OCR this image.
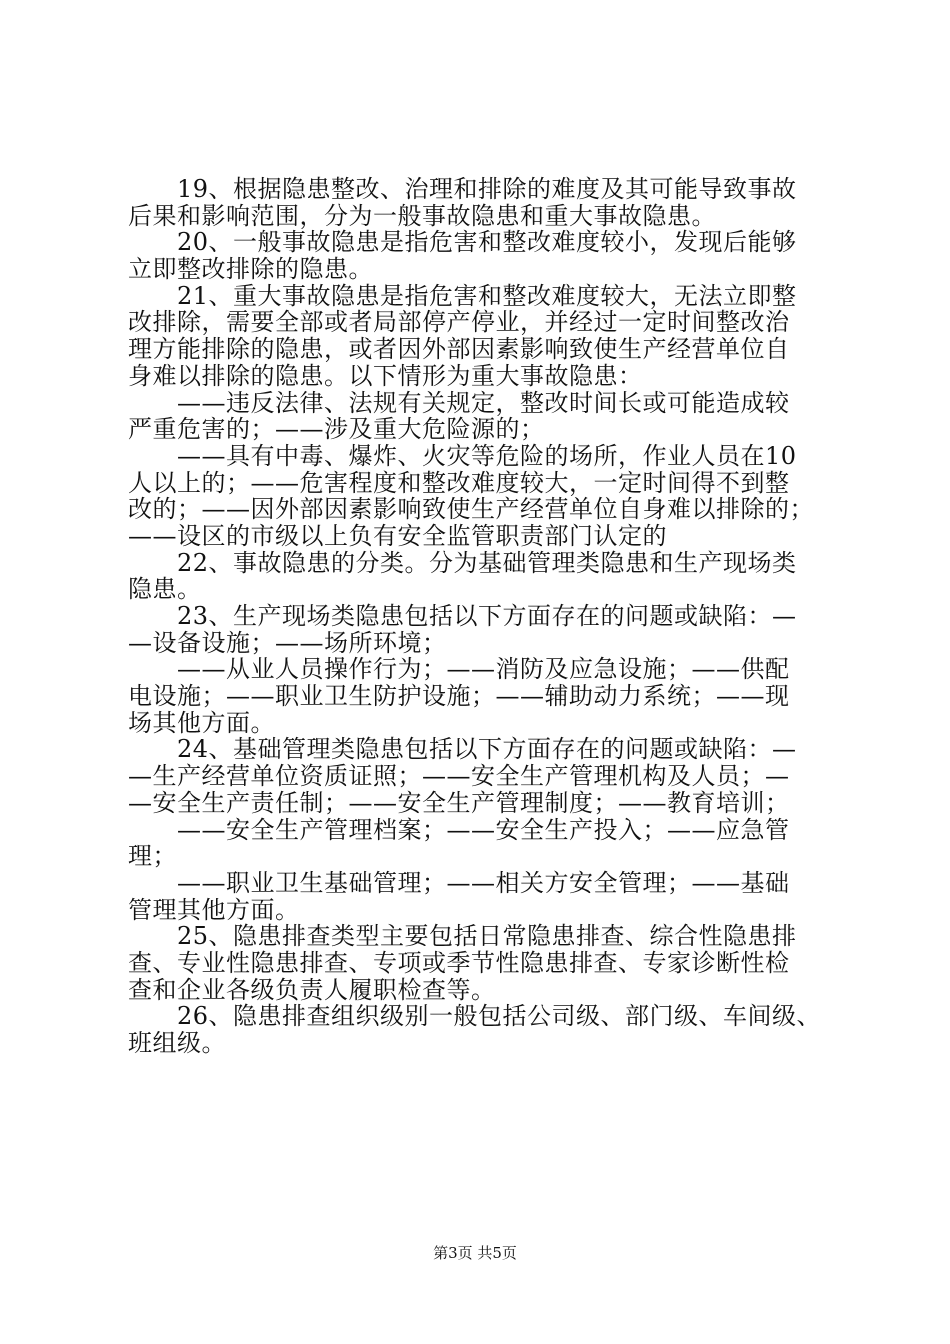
　　19、根据隐患整改、治理和排除的难度及其可能导致事故
后果和影响范围，分为一般事故隐患和重大事故隐患。
　　20、一般事故隐患是指危害和整改难度较小，发现后能够
立即整改排除的隐患。
　　21、重大事故隐患是指危害和整改难度较大，无法立即整
改排除，需要全部或者局部停产停业，并经过一定时间整改治
理方能排除的隐患，或者因外部因素影响致使生产经营单位自
身难以排除的隐患。以下情形为重大事故隐患：
　　——违反法律、法规有关规定，整改时间长或可能造成较
严重危害的；——涉及重大危险源的；
　　——具有中毒、爆炸、火灾等危险的场所，作业人员在10
人以上的；——危害程度和整改难度较大，一定时间得不到整
改的；——因外部因素影响致使生产经营单位自身难以排除的；
——设区的市级以上负有安全监管职责部门认定的
　　22、事故隐患的分类。分为基础管理类隐患和生产现场类
隐患。
　　23、生产现场类隐患包括以下方面存在的问题或缺陷：—
—设备设施；——场所环境；
　　——从业人员操作行为；——消防及应急设施；——供配
电设施；——职业卫生防护设施；——辅助动力系统；——现
场其他方面。
　　24、基础管理类隐患包括以下方面存在的问题或缺陷：—
—生产经营单位资质证照；——安全生产管理机构及人员；—
—安全生产责任制；——安全生产管理制度；——教育培训；
　　——安全生产管理档案；——安全生产投入；——应急管
理；
　　——职业卫生基础管理；——相关方安全管理；——基础
管理其他方面。
　　25、隐患排查类型主要包括日常隐患排查、综合性隐患排
查、专业性隐患排查、专项或季节性隐患排查、专家诊断性检
查和企业各级负责人履职检查等。
　　26、隐患排查组织级别一般包括公司级、部门级、车间级、
班组级。
第3页 共5页
